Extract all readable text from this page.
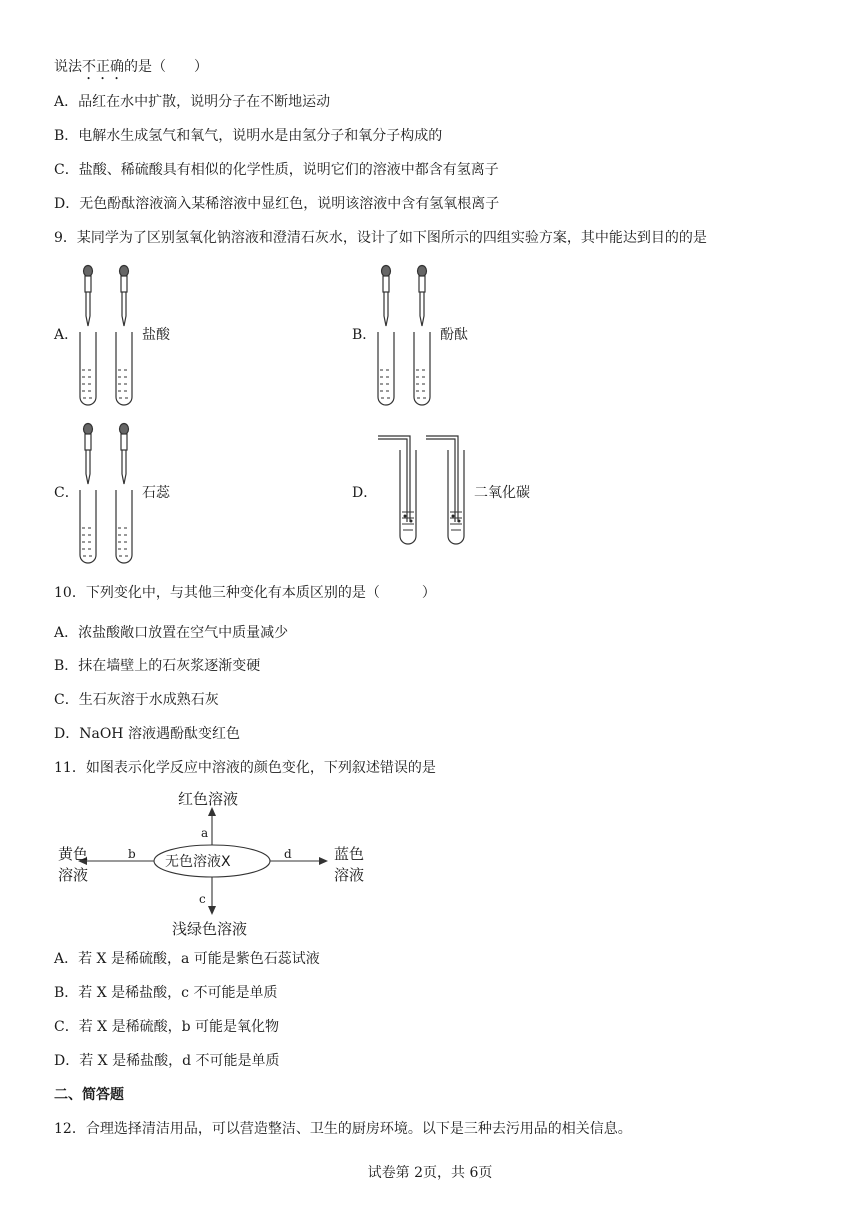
说法不正确的是（　　）
A．品红在水中扩散，说明分子在不断地运动
B．电解水生成氢气和氧气，说明水是由氢分子和氧分子构成的
C．盐酸、稀硫酸具有相似的化学性质，说明它们的溶液中都含有氢离子
D．无色酚酞溶液滴入某稀溶液中显红色，说明该溶液中含有氢氧根离子
9．某同学为了区别氢氧化钠溶液和澄清石灰水，设计了如下图所示的四组实验方案，其中能达到目的的是
A．	盐酸	B．	酚酞
C．	石蕊	D．	二氧化碳
10．下列变化中，与其他三种变化有本质区别的是（　　　）
A．浓盐酸敞口放置在空气中质量减少
B．抹在墙壁上的石灰浆逐渐变硬
C．生石灰溶于水成熟石灰
D．NaOH 溶液遇酚酞变红色
11．如图表示化学反应中溶液的颜色变化，下列叙述错误的是
红色溶液
a
无色溶液X
b	d
黄色
溶液
蓝色
溶液
c
浅绿色溶液
A．若 X 是稀硫酸，a 可能是紫色石蕊试液
B．若 X 是稀盐酸，c 不可能是单质
C．若 X 是稀硫酸，b 可能是氧化物
D．若 X 是稀盐酸，d 不可能是单质
二、简答题
12．合理选择清洁用品，可以营造整洁、卫生的厨房环境。以下是三种去污用品的相关信息。
试卷第 2页，共 6页
